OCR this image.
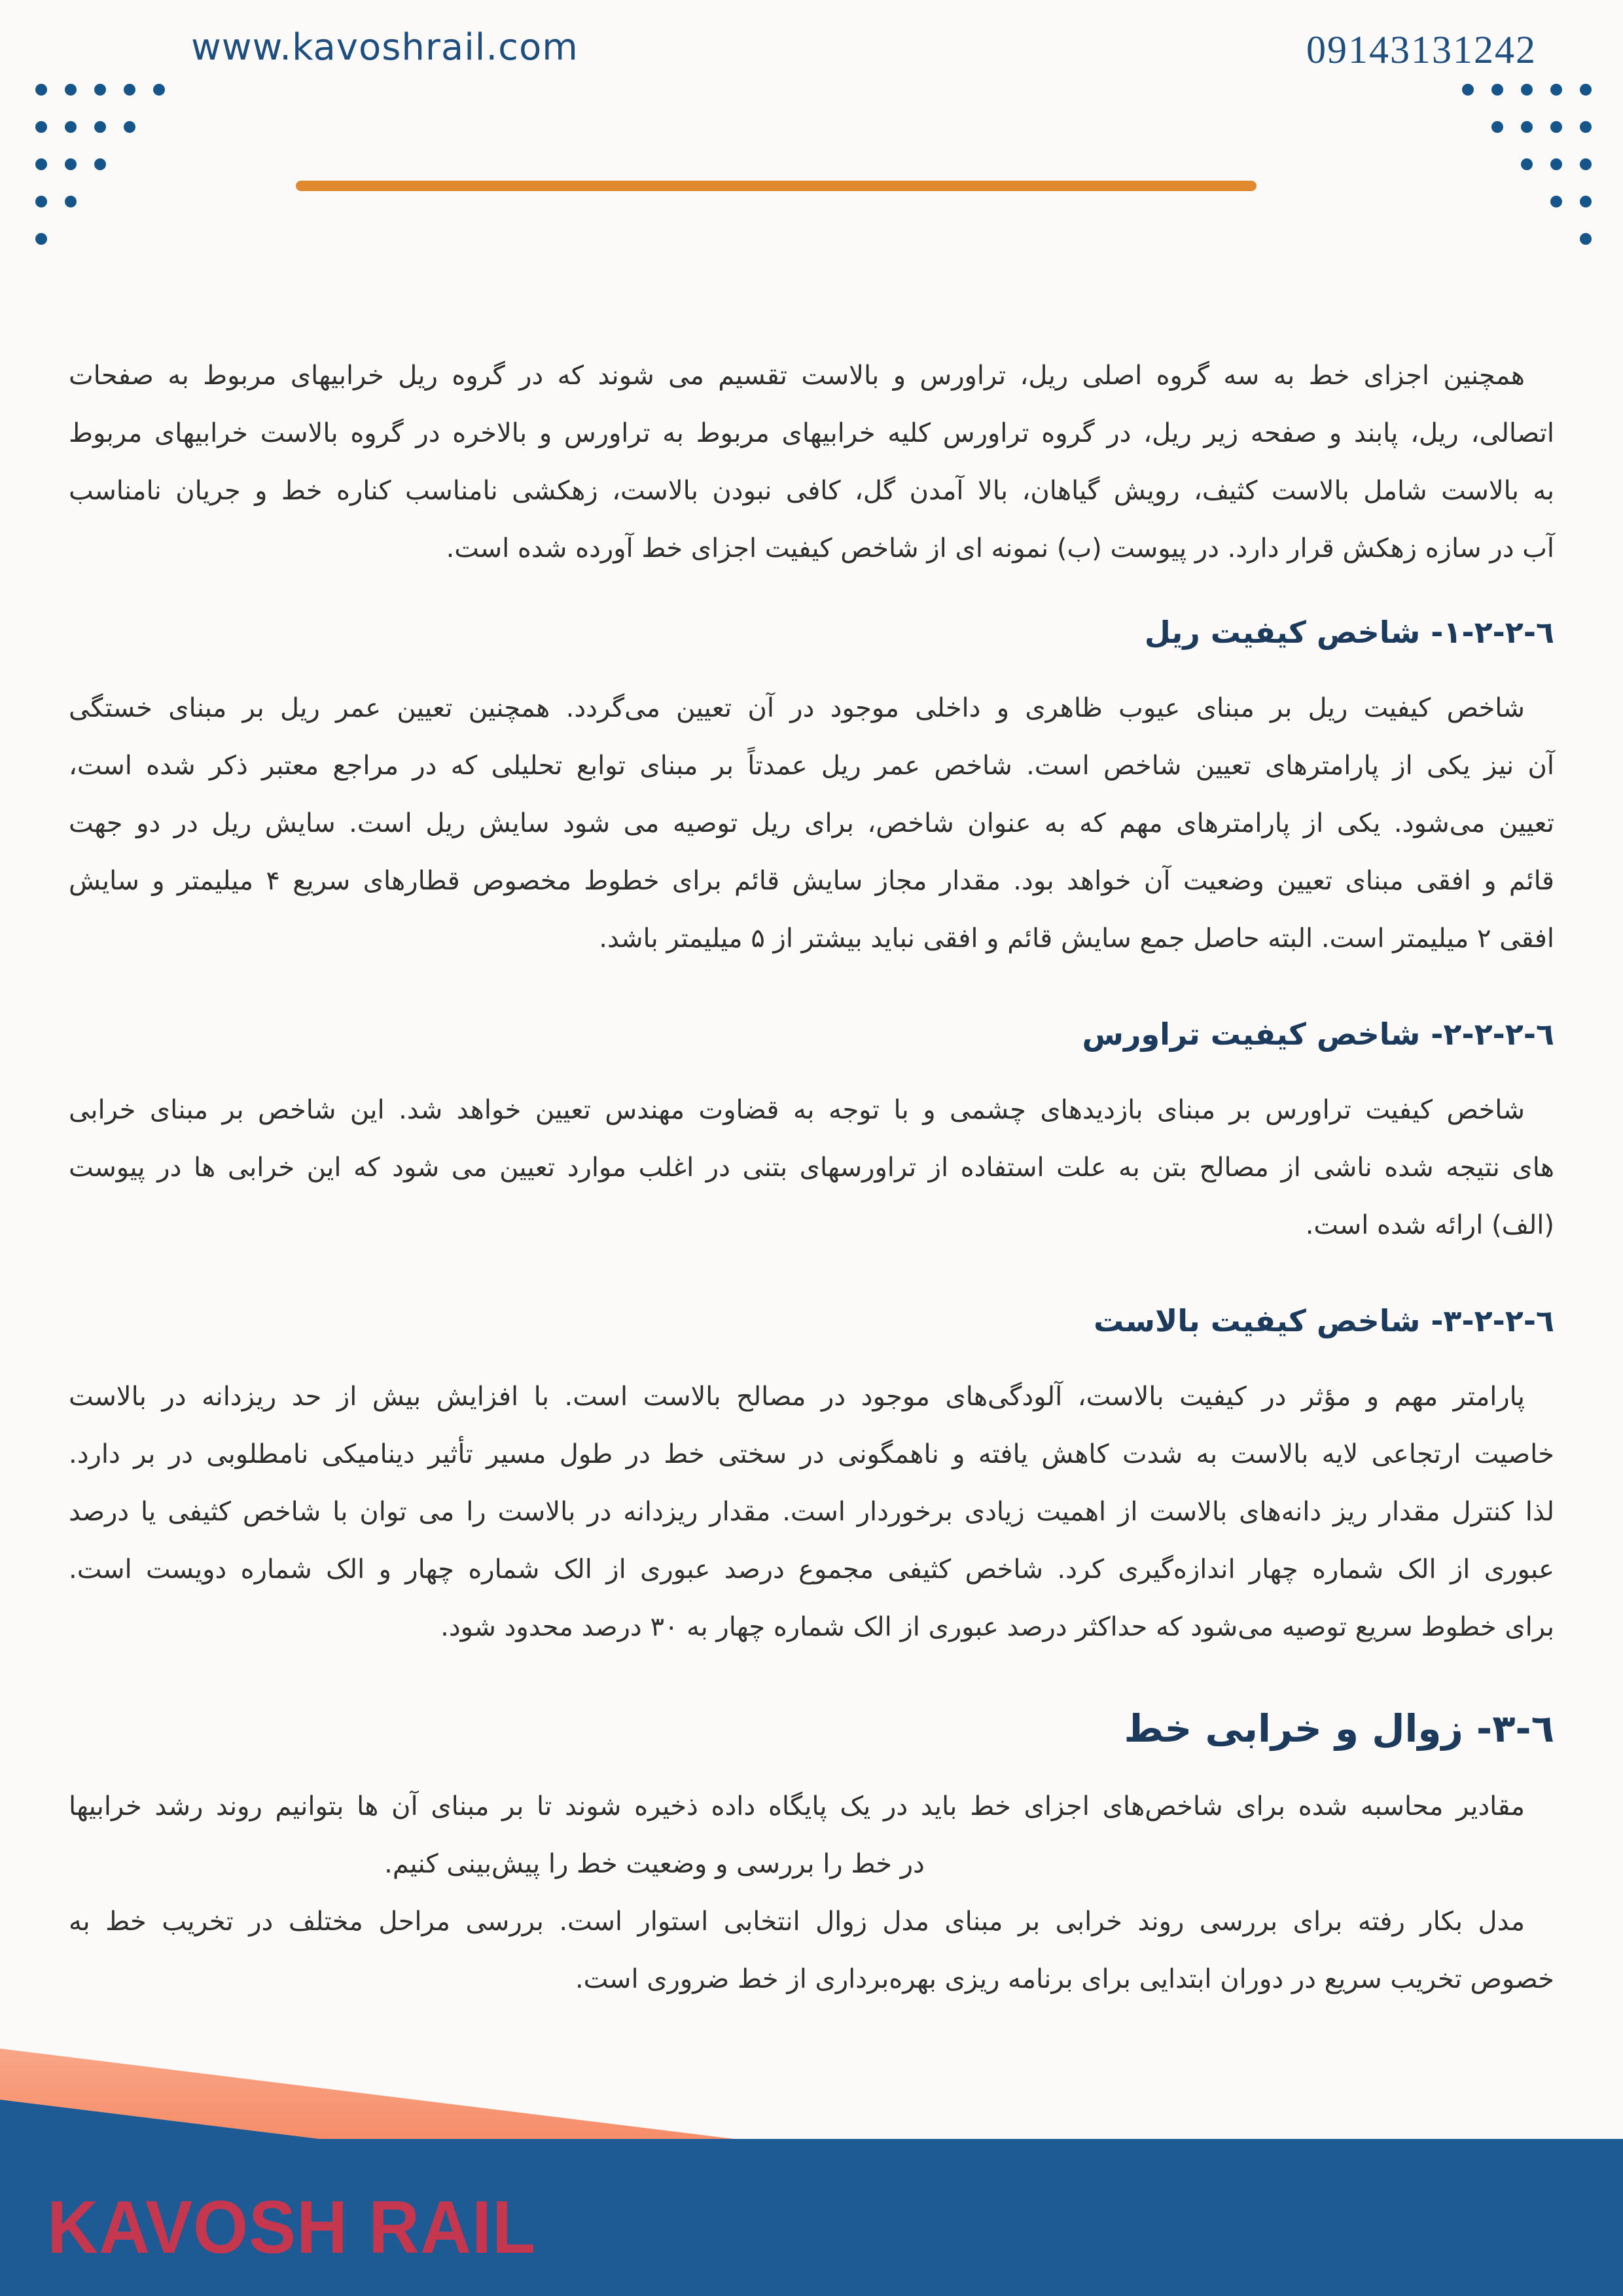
www.kavoshrail.com	09143131242
همچنین اجزای خط به سه گروه اصلی ریل، تراورس و بالاست تقسیم می شوند که در گروه ریل خرابیهای مربوط به صفحات
اتصالی، ریل، پابند و صفحه زیر ریل، در گروه تراورس کلیه خرابیهای مربوط به تراورس و بالاخره در گروه بالاست خرابیهای مربوط
به بالاست شامل بالاست کثیف، رویش گیاهان، بالا آمدن گل، کافی نبودن بالاست، زهکشی نامناسب کناره خط و جریان نامناسب
آب در سازه زهکش قرار دارد. در پیوست (ب) نمونه ای از شاخص کیفیت اجزای خط آورده شده است.
٦-٢-٢-١- شاخص کیفیت ریل
شاخص کیفیت ریل بر مبنای عیوب ظاهری و داخلی موجود در آن تعیین می‌گردد. همچنین تعیین عمر ریل بر مبنای خستگی
آن نیز یکی از پارامترهای تعیین شاخص است. شاخص عمر ریل عمدتاً بر مبنای توابع تحلیلی که در مراجع معتبر ذکر شده است،
تعیین می‌شود. یکی از پارامترهای مهم که به عنوان شاخص، برای ریل توصیه می شود سایش ریل است. سایش ریل در دو جهت
قائم و افقی مبنای تعیین وضعیت آن خواهد بود. مقدار مجاز سایش قائم برای خطوط مخصوص قطارهای سریع ۴ میلیمتر و سایش
افقی ۲ میلیمتر است. البته حاصل جمع سایش قائم و افقی نباید بیشتر از ۵ میلیمتر باشد.
٦-٢-٢-٢- شاخص کیفیت تراورس
شاخص کیفیت تراورس بر مبنای بازدیدهای چشمی و با توجه به قضاوت مهندس تعیین خواهد شد. این شاخص بر مبنای خرابی
های نتیجه شده ناشی از مصالح بتن به علت استفاده از تراورسهای بتنی در اغلب موارد تعیین می شود که این خرابی ها در پیوست
(الف) ارائه شده است.
٦-٢-٢-٣- شاخص کیفیت بالاست
پارامتر مهم و مؤثر در کیفیت بالاست، آلودگی‌های موجود در مصالح بالاست است. با افزایش بیش از حد ریزدانه در بالاست
خاصیت ارتجاعی لایه بالاست به شدت کاهش یافته و ناهمگونی در سختی خط در طول مسیر تأثیر دینامیکی نامطلوبی در بر دارد.
لذا کنترل مقدار ریز دانه‌های بالاست از اهمیت زیادی برخوردار است. مقدار ریزدانه در بالاست را می توان با شاخص کثیفی یا درصد
عبوری از الک شماره چهار اندازه‌گیری کرد. شاخص کثیفی مجموع درصد عبوری از الک شماره چهار و الک شماره دویست است.
برای خطوط سریع توصیه می‌شود که حداکثر درصد عبوری از الک شماره چهار به ۳۰ درصد محدود شود.
٦-٣- زوال و خرابی خط
مقادیر محاسبه شده برای شاخص‌های اجزای خط باید در یک پایگاه داده ذخیره شوند تا بر مبنای آن ها بتوانیم روند رشد خرابیها
در خط را بررسی و وضعیت خط را پیش‌بینی کنیم.
مدل بکار رفته برای بررسی روند خرابی بر مبنای مدل زوال انتخابی استوار است. بررسی مراحل مختلف در تخریب خط به
خصوص تخریب سریع در دوران ابتدایی برای برنامه ریزی بهره‌برداری از خط ضروری است.
KAVOSH RAIL
